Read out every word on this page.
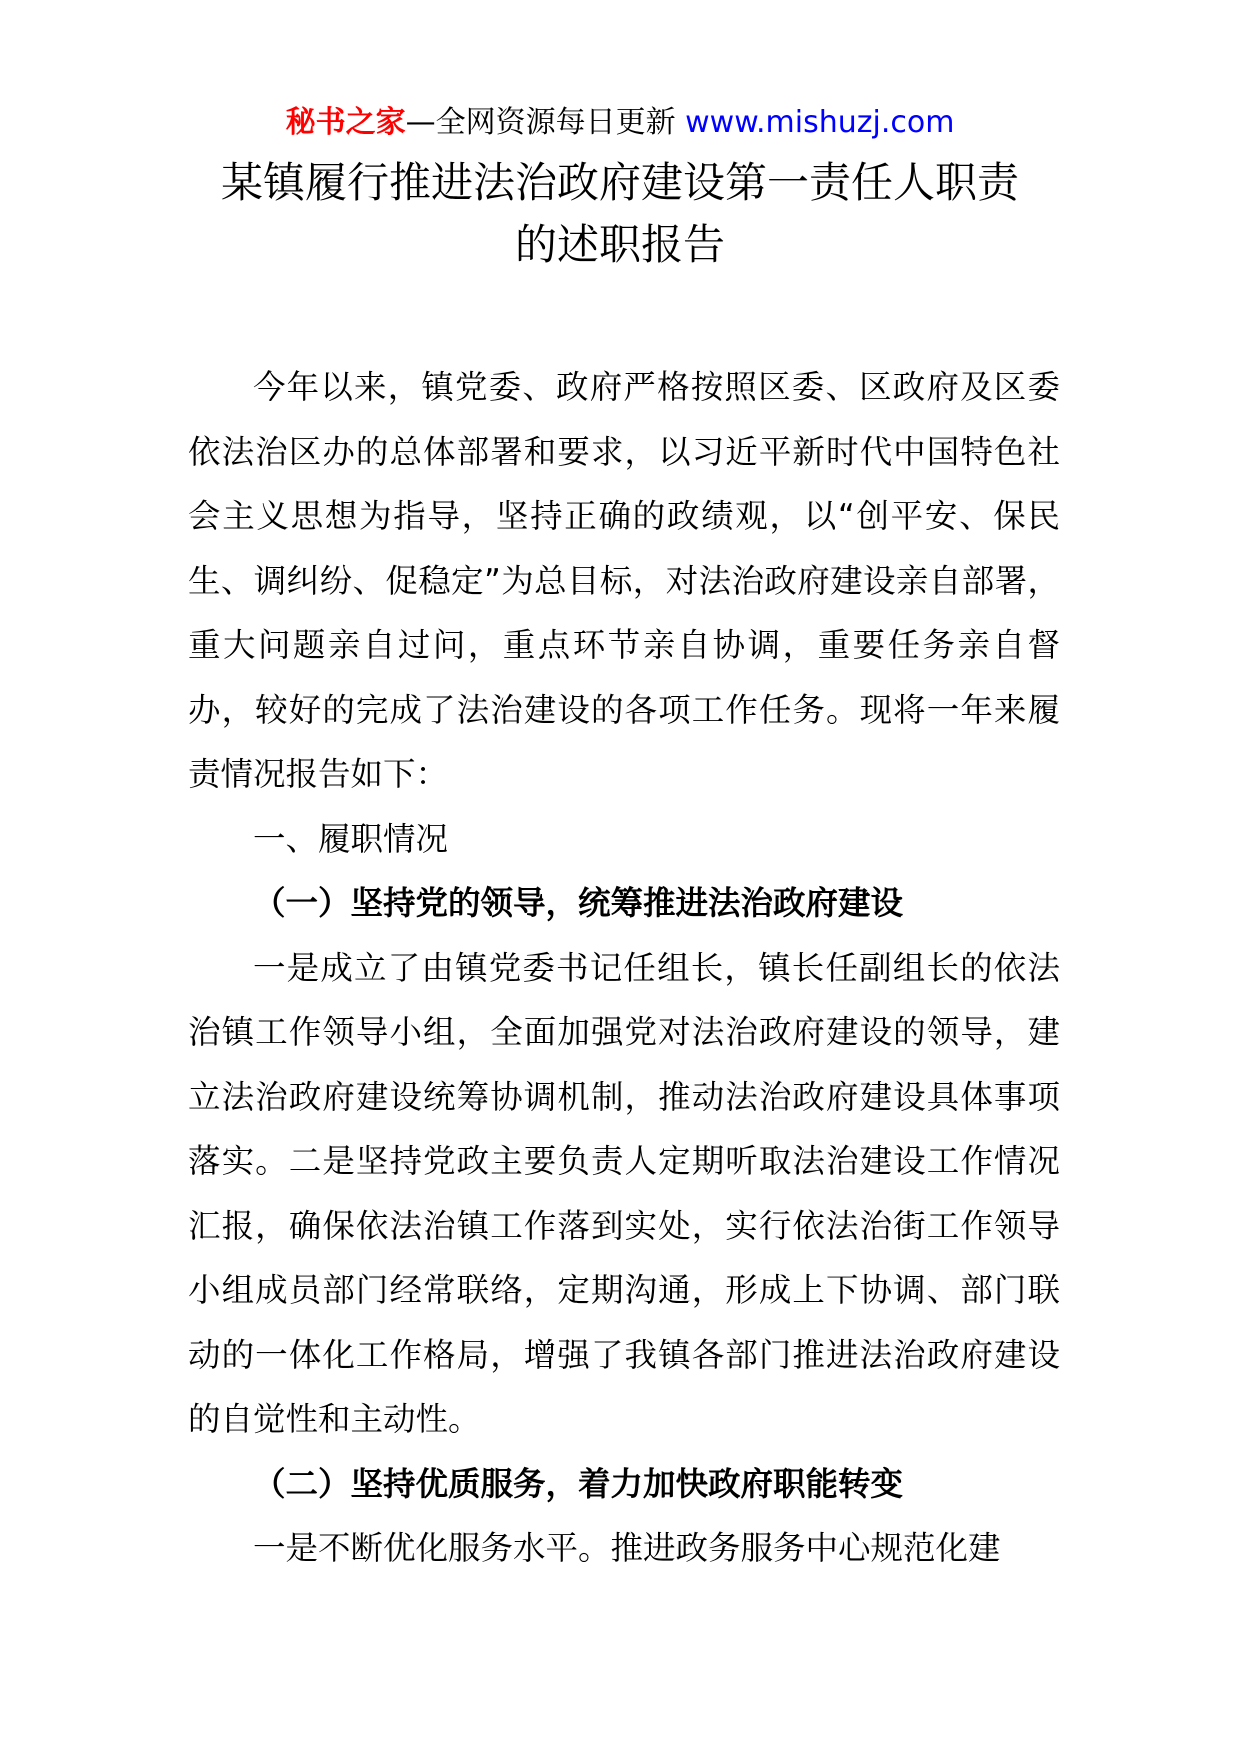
秘书之家—全网资源每日更新 www.mishuzj.com
某镇履行推进法治政府建设第一责任人职责
的述职报告

今年以来，镇党委、政府严格按照区委、区政府及区委依法治区办的总体部署和要求，以习近平新时代中国特色社会主义思想为指导，坚持正确的政绩观，以“创平安、保民生、调纠纷、促稳定”为总目标，对法治政府建设亲自部署，重大问题亲自过问，重点环节亲自协调，重要任务亲自督办，较好的完成了法治建设的各项工作任务。现将一年来履责情况报告如下：

一、履职情况

（一）坚持党的领导，统筹推进法治政府建设

一是成立了由镇党委书记任组长，镇长任副组长的依法治镇工作领导小组，全面加强党对法治政府建设的领导，建立法治政府建设统筹协调机制，推动法治政府建设具体事项落实。二是坚持党政主要负责人定期听取法治建设工作情况汇报，确保依法治镇工作落到实处，实行依法治街工作领导小组成员部门经常联络，定期沟通，形成上下协调、部门联动的一体化工作格局，增强了我镇各部门推进法治政府建设的自觉性和主动性。

（二）坚持优质服务，着力加快政府职能转变

一是不断优化服务水平。推进政务服务中心规范化建
